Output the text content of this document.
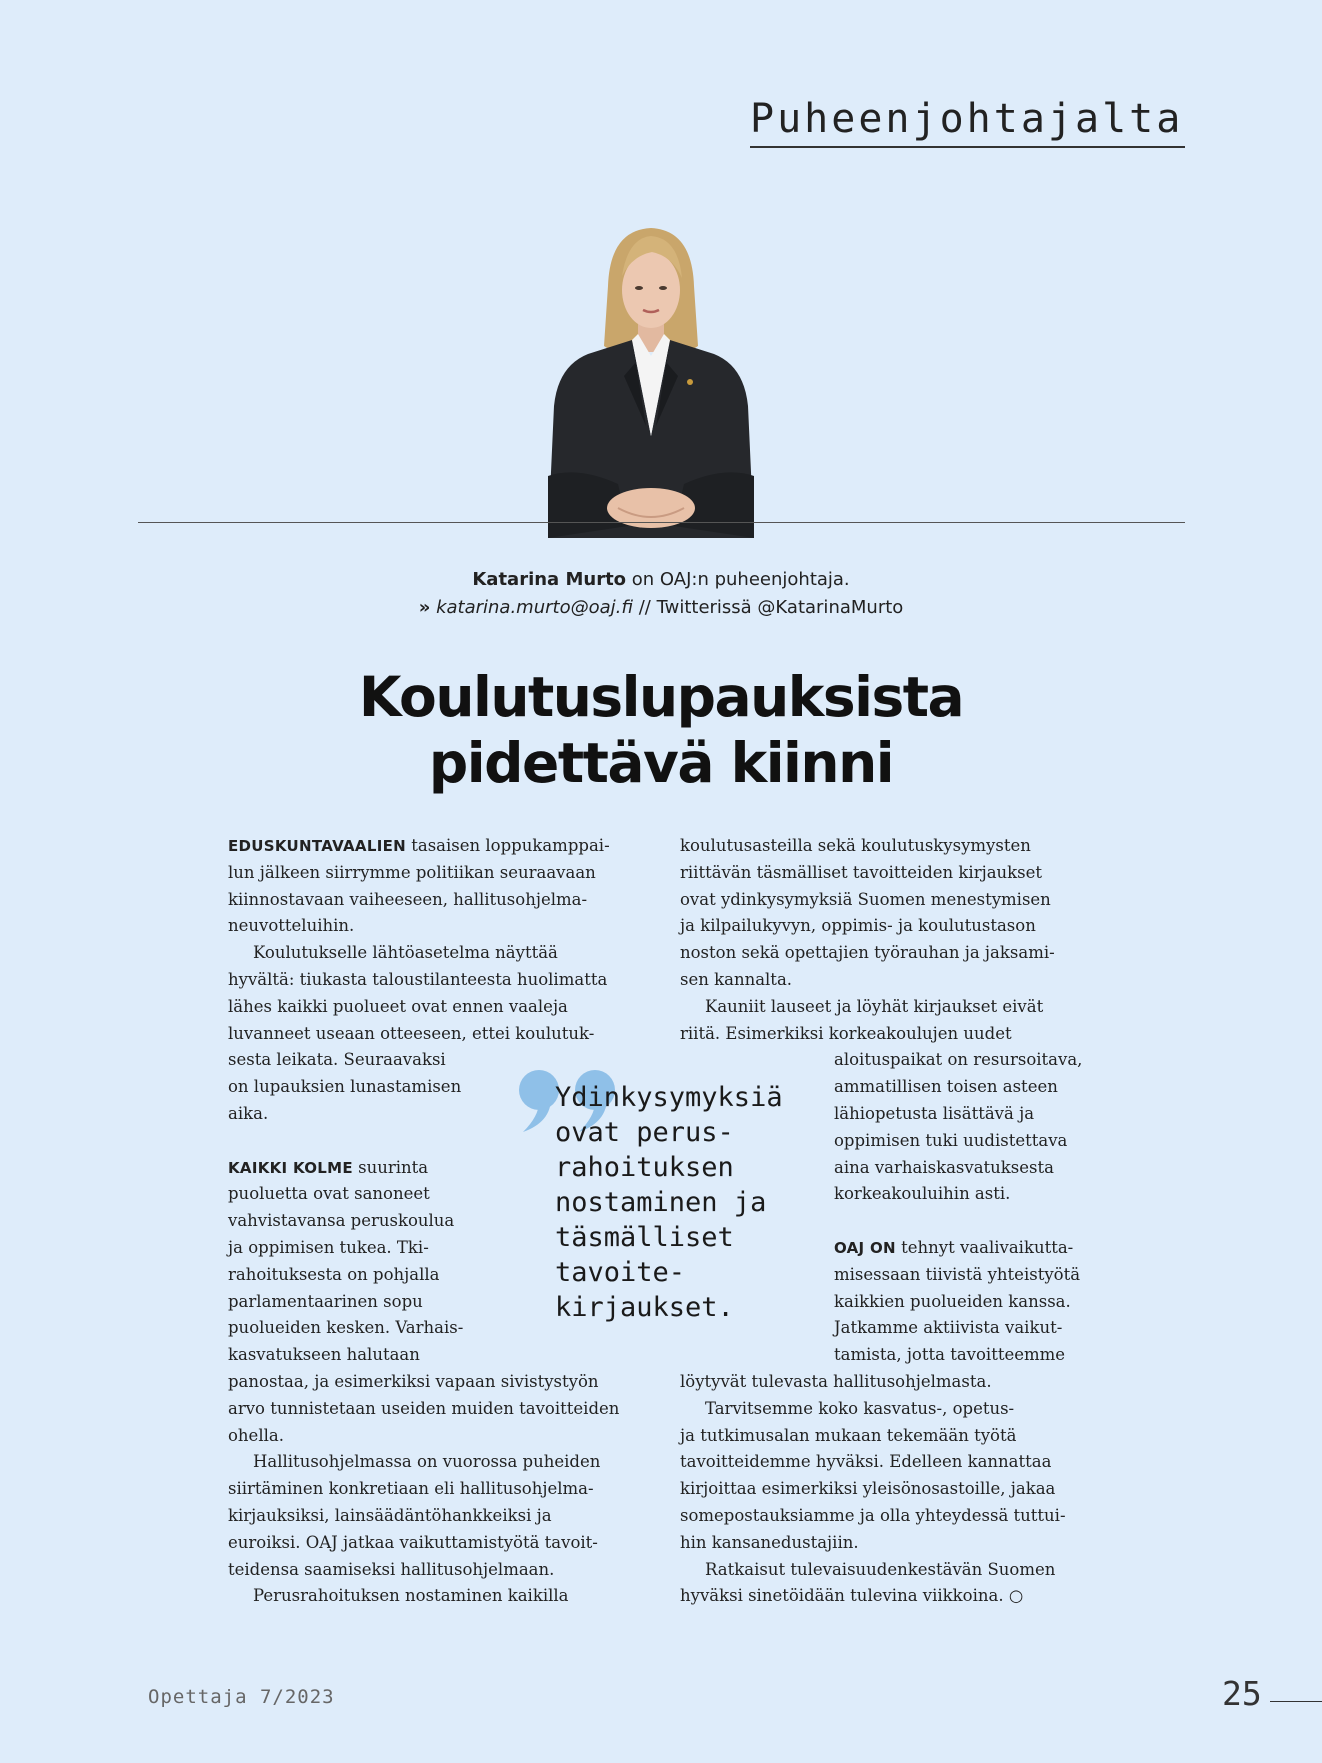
Puheenjohtajalta
Katarina Murto on OAJ:n puheenjohtaja.
» katarina.murto@oaj.fi // Twitterissä @KatarinaMurto
Koulutuslupauksista
pidettävä kiinni
EDUSKUNTAVAALIEN tasaisen loppukamppai-
lun jälkeen siirrymme politiikan seuraavaan
kiinnostavaan vaiheeseen, hallitusohjelma-
neuvotteluihin.
Koulutukselle lähtöasetelma näyttää
hyvältä: tiukasta taloustilanteesta huolimatta
lähes kaikki puolueet ovat ennen vaaleja
luvanneet useaan otteeseen, ettei koulutuk-
sesta leikata. Seuraavaksi
on lupauksien lunastamisen
aika.
KAIKKI KOLME suurinta
puoluetta ovat sanoneet
vahvistavansa peruskoulua
ja oppimisen tukea. Tki-
rahoituksesta on pohjalla
parlamentaarinen sopu
puolueiden kesken. Varhais-
kasvatukseen halutaan
panostaa, ja esimerkiksi vapaan sivistystyön
arvo tunnistetaan useiden muiden tavoitteiden
ohella.
Hallitusohjelmassa on vuorossa puheiden
siirtäminen konkretiaan eli hallitusohjelma-
kirjauksiksi, lainsäädäntöhankkeiksi ja
euroiksi. OAJ jatkaa vaikuttamistyötä tavoit-
teidensa saamiseksi hallitusohjelmaan.
Perusrahoituksen nostaminen kaikilla
koulutusasteilla sekä koulutuskysymysten
riittävän täsmälliset tavoitteiden kirjaukset
ovat ydinkysymyksiä Suomen menestymisen
ja kilpailukyvyn, oppimis- ja koulutustason
noston sekä opettajien työrauhan ja jaksami-
sen kannalta.
Kauniit lauseet ja löyhät kirjaukset eivät
riitä. Esimerkiksi korkeakoulujen uudet
aloituspaikat on resursoitava,
ammatillisen toisen asteen
lähiopetusta lisättävä ja
oppimisen tuki uudistettava
aina varhaiskasvatuksesta
korkeakouluihin asti.
OAJ ON tehnyt vaalivaikutta-
misessaan tiivistä yhteistyötä
kaikkien puolueiden kanssa.
Jatkamme aktiivista vaikut-
tamista, jotta tavoitteemme
löytyvät tulevasta hallitusohjelmasta.
Tarvitsemme koko kasvatus-, opetus-
ja tutkimusalan mukaan tekemään työtä
tavoitteidemme hyväksi. Edelleen kannattaa
kirjoittaa esimerkiksi yleisönosastoille, jakaa
somepostauksiamme ja olla yhteydessä tuttui-
hin kansanedustajiin.
Ratkaisut tulevaisuudenkestävän Suomen
hyväksi sinetöidään tulevina viikkoina. ○
Ydinkysymyksiä
ovat perus-
rahoituksen
nostaminen ja
täsmälliset
tavoite-
kirjaukset.
Opettaja 7/2023	25
